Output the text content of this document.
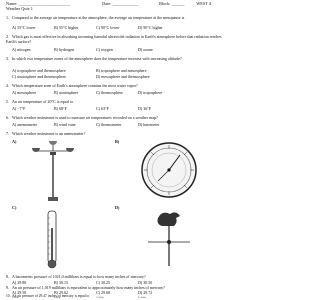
Name: ________________________	Date: ____________	Block: ______	WEST 4
Weather Quiz 1
1. Compared to the average air temperature at the atmosphere, the average air temperature at the mesopause is
A) 55°C lower	B) 55°C higher	C) 90°C lower	D) 90°C higher
2. Which gas is most effective in absorbing incoming harmful ultraviolet radiation in Earth's atmosphere before that radiation reaches Earth's surface?
A) nitrogen	B) hydrogen	C) oxygen	D) ozone
3. In which two temperature zones of the atmosphere does the temperature increase with increasing altitude?
A) troposphere and thermosphere	B) troposphere and mesosphere
C) stratosphere and thermosphere	D) mesosphere and thermosphere
4. Which temperature zone of Earth's atmosphere contains the most water vapor?
A) mesosphere	B) stratosphere	C) thermosphere	D) troposphere
5. An air temperature of 20°C is equal to
A) −7°F	B) 68°F	C) 63°F	D) 36°F
6. Which weather instrument is used to measure air temperatures recorded on a weather map?
A) anemometer	B) wind vane	C) thermometer	D) barometer
7. Which weather instrument is an anemometer?
A)	B)
C)	D)
8. A barometric pressure of 1021.0 millibars is equal to how many inches of mercury?
A) 29.88	B) 30.15	C) 30.25	D) 30.50
9. An air pressure of 1,019 millibars is equivalent to approximately how many inches of mercury?
A) 29.50	B) 29.62	C) 29.68	D) 29.72
10. An air pressure of 29.47 inches of mercury is equal to
A) 996 mb	B) 998 mb	C) 1,002 mb	D) 1,014 mb
